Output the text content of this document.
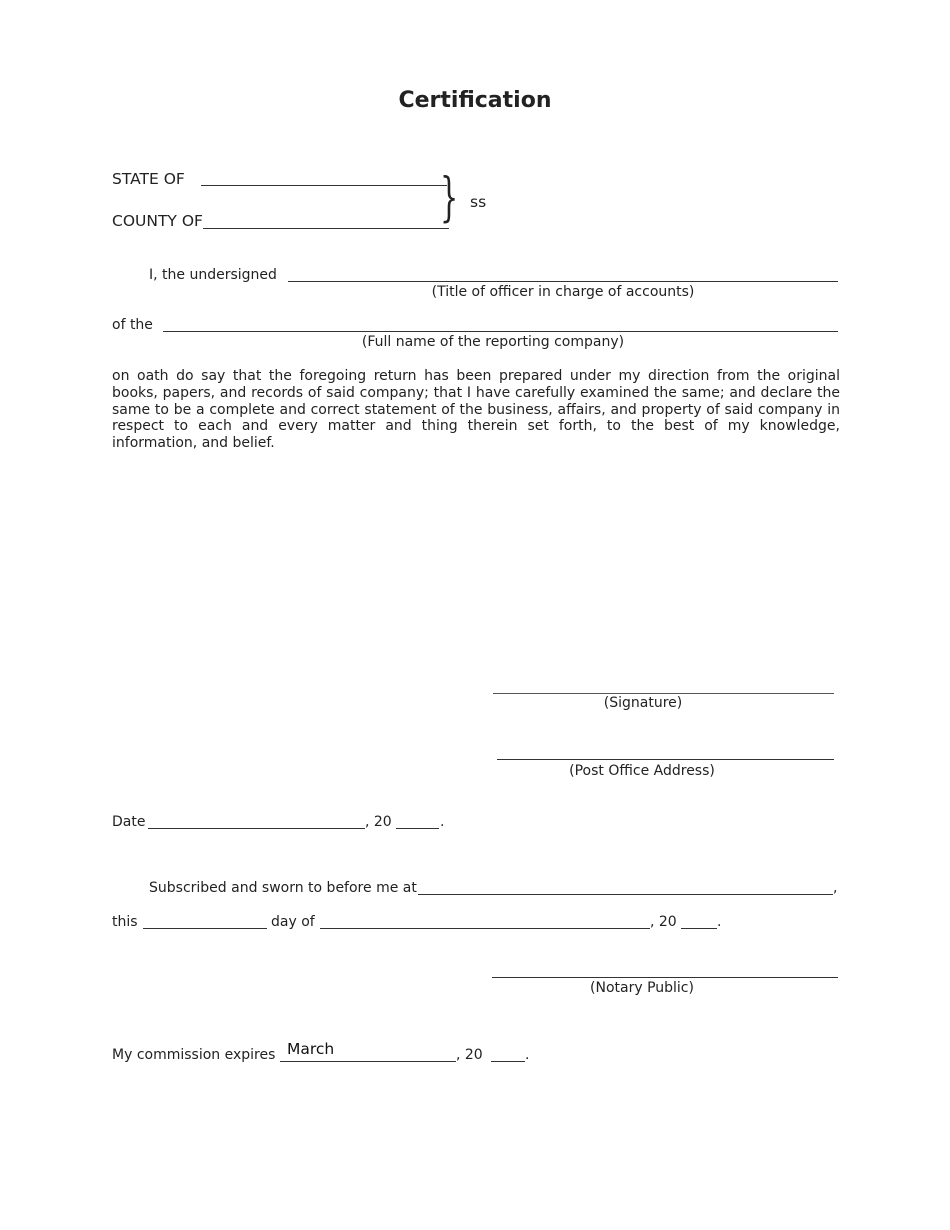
Certification
STATE OF
COUNTY OF	} ss
I, the undersigned
(Title of officer in charge of accounts)
of the
(Full name of the reporting company)
on oath do say that the foregoing return has been prepared under my direction from the original books, papers, and records of said company; that I have carefully examined the same; and declare the same to be a complete and correct statement of the business, affairs, and property of said company in respect to each and every matter and thing therein set forth, to the best of my knowledge, information, and belief.
(Signature)
(Post Office Address)
Date	, 20	.
Subscribed and sworn to before me at	,
this	day of	, 20	.
(Notary Public)
My commission expires March	, 20	.
